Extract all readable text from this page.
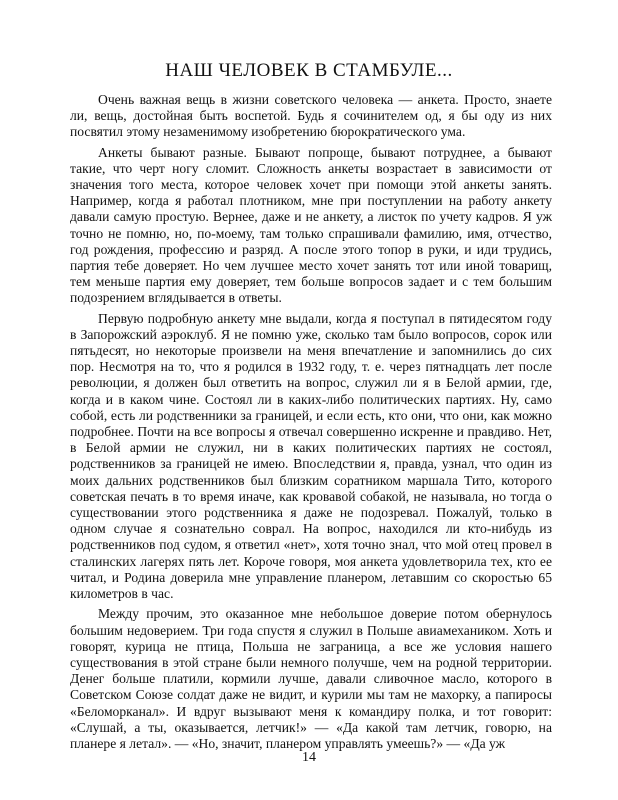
НАШ ЧЕЛОВЕК В СТАМБУЛЕ...

Очень важная вещь в жизни советского человека — анкета. Просто, знаете ли, вещь, достойная быть воспетой. Будь я сочинителем од, я бы оду из них посвятил этому незаменимому изобретению бюрократического ума.

Анкеты бывают разные. Бывают попроще, бывают потруднее, а бывают такие, что черт ногу сломит. Сложность анкеты возрастает в зависимости от значения того места, которое человек хочет при помощи этой анкеты занять. Например, когда я работал плотником, мне при поступлении на работу анкету давали самую простую. Вернее, даже и не анкету, а листок по учету кадров. Я уж точно не помню, но, по-моему, там только спрашивали фамилию, имя, отчество, год рождения, профессию и разряд. А после этого топор в руки, и иди трудись, партия тебе доверяет. Но чем лучшее место хочет занять тот или иной товарищ, тем меньше партия ему доверяет, тем больше вопросов задает и с тем большим подозрением вглядывается в ответы.

Первую подробную анкету мне выдали, когда я поступал в пятидесятом году в Запорожский аэроклуб. Я не помню уже, сколько там было вопросов, сорок или пятьдесят, но некоторые произвели на меня впечатление и запомнились до сих пор. Несмотря на то, что я родился в 1932 году, т. е. через пятнадцать лет после революции, я должен был ответить на вопрос, служил ли я в Белой армии, где, когда и в каком чине. Состоял ли в каких-либо политических партиях. Ну, само собой, есть ли родственники за границей, и если есть, кто они, что они, как можно подробнее. Почти на все вопросы я отвечал совершенно искренне и правдиво. Нет, в Белой армии не служил, ни в каких политических партиях не состоял, родственников за границей не имею. Впоследствии я, правда, узнал, что один из моих дальних родственников был близким соратником маршала Тито, которого советская печать в то время иначе, как кровавой собакой, не называла, но тогда о существовании этого родственника я даже не подозревал. Пожалуй, только в одном случае я сознательно соврал. На вопрос, находился ли кто-нибудь из родственников под судом, я ответил «нет», хотя точно знал, что мой отец провел в сталинских лагерях пять лет. Короче говоря, моя анкета удовлетворила тех, кто ее читал, и Родина доверила мне управление планером, летавшим со скоростью 65 километров в час.

Между прочим, это оказанное мне небольшое доверие потом обернулось большим недоверием. Три года спустя я служил в Польше авиамехаником. Хоть и говорят, курица не птица, Польша не заграница, а все же условия нашего существования в этой стране были немного получше, чем на родной территории. Денег больше платили, кормили лучше, давали сливочное масло, которого в Советском Союзе солдат даже не видит, и курили мы там не махорку, а папиросы «Беломорканал». И вдруг вызывают меня к командиру полка, и тот говорит: «Слушай, а ты, оказывается, летчик!» — «Да какой там летчик, говорю, на планере я летал». — «Но, значит, планером управлять умеешь?» — «Да уж

14
